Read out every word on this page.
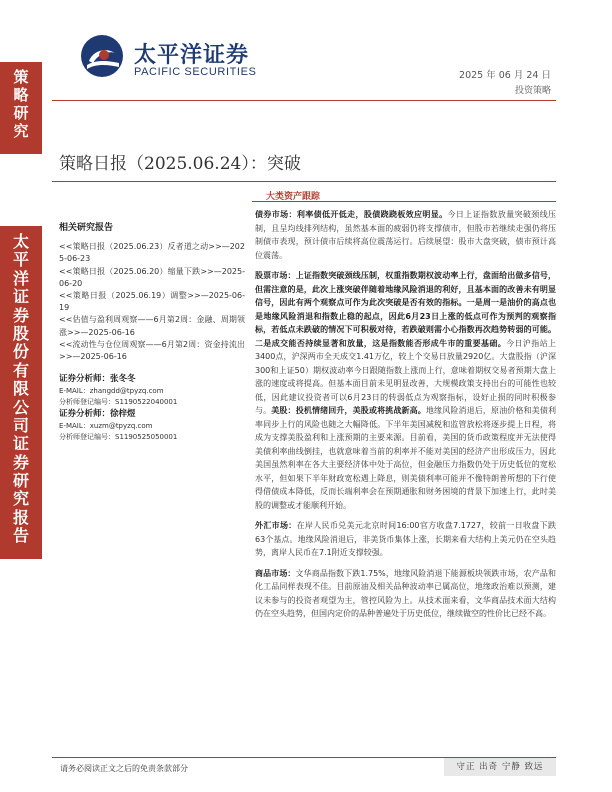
太平洋证券
PACIFIC SECURITIES	2025 年 06 月 24 日
投资策略
策
略
研
究
太
平
洋
证
券
股
份
有
限
公
司
证
券
研
究
报
告
策略日报（2025.06.24）：突破
大类资产跟踪
相关研究报告
<<策略日报（2025.06.23）反者道之动>>—2025-06-23
<<策略日报（2025.06.20）缩量下跌>>—2025-06-20
<<策略日报（2025.06.19）调整>>—2025-06-19
<<估值与盈利周观察——6月第2周：金融、周期领涨>>—2025-06-16
<<流动性与仓位周观察——6月第2周：资金持流出>>—2025-06-16
证券分析师：张冬冬
E-MAIL：zhangdd@tpyzq.com
分析师登记编号：S1190522040001
证券分析师：徐梓煜
E-MAIL：xuzm@tpyzq.com
分析师登记编号：S1190525050001

债券市场：利率债低开低走，股债跷跷板效应明显。今日上证指数放量突破颈线压制，且呈均线排列结构，虽然基本面的疲弱仍将支撑债市，但股市若继续走强仍将压制债市表现，预计债市后续将高位震荡运行。后续展望：股市大盘突破，债市预计高位震荡。

股票市场：上证指数突破颈线压制，权重指数期权波动率上行，盘面给出做多信号，但需注意的是，此次上涨突破伴随着地缘风险消退的利好，且基本面的改善未有明显信号，因此有两个观察点可作为此次突破是否有效的指标。一是周一是油价的高点也是地缘风险消退和指数止稳的起点，因此6月23日上涨的低点可作为预判的观察指标，若低点未跌破的情况下可积极对待，若跌破则需小心指数再次趋势转弱的可能。二是成交能否持续显著和放量，这是指数能否形成牛市的重要基础。今日沪指站上3400点，沪深两市全天成交1.41万亿，较上个交易日放量2920亿。大盘股指（沪深300和上证50）期权波动率今日跟随指数上涨而上行，意味着期权交易者预期大盘上涨的速度或将提高。但基本面目前未见明显改善，大规模政策支持出台的可能性也较低，因此建议投资者可以6月23日的转弱低点为观察指标，设好止损的同时积极参与。美股：投机情绪回升，美股或将挑战新高。地缘风险消退后，原油价格和美债利率同步上行的风险也随之大幅降低。下半年美国减税和监管放松将逐步提上日程，将成为支撑美股盈利和上涨预期的主要来源。目前看，美国的货币政策程度并无法使得美债利率曲线倒挂，也就意味着当前的利率并不能对美国的经济产出形成压力，因此美国虽然利率在各大主要经济体中处于高位，但金融压力指数仍处于历史低位的宽松水平，但如果下半年财政宽松遇上降息，则美债利率可能并不像特朗普所想的下行使得借债成本降低，反而长端利率会在预期通胀和财务困境的背景下加速上行，此时美股的调整或才能顺利开始。

外汇市场：在岸人民币兑美元北京时间16:00官方收盘7.1727，较前一日收盘下跌63个基点。地缘风险消退后，非美货币集体上涨，长期来看大结构上美元仍在空头趋势，离岸人民币在7.1附近支撑较强。

商品市场：文华商品指数下跌1.75%，地缘风险消退下能源板块领跌市场，农产品和化工品同样表现不佳。目前原油及相关品种波动率已属高位，地缘政治难以预测，建议未参与的投资者观望为主，管控风险为上。从技术面来看，文华商品技术面大结构仍在空头趋势，但国内定价的品种普遍处于历史低位，继续做空的性价比已经不高。

请务必阅读正文之后的免责条款部分	守正 出奇 宁静 致远
